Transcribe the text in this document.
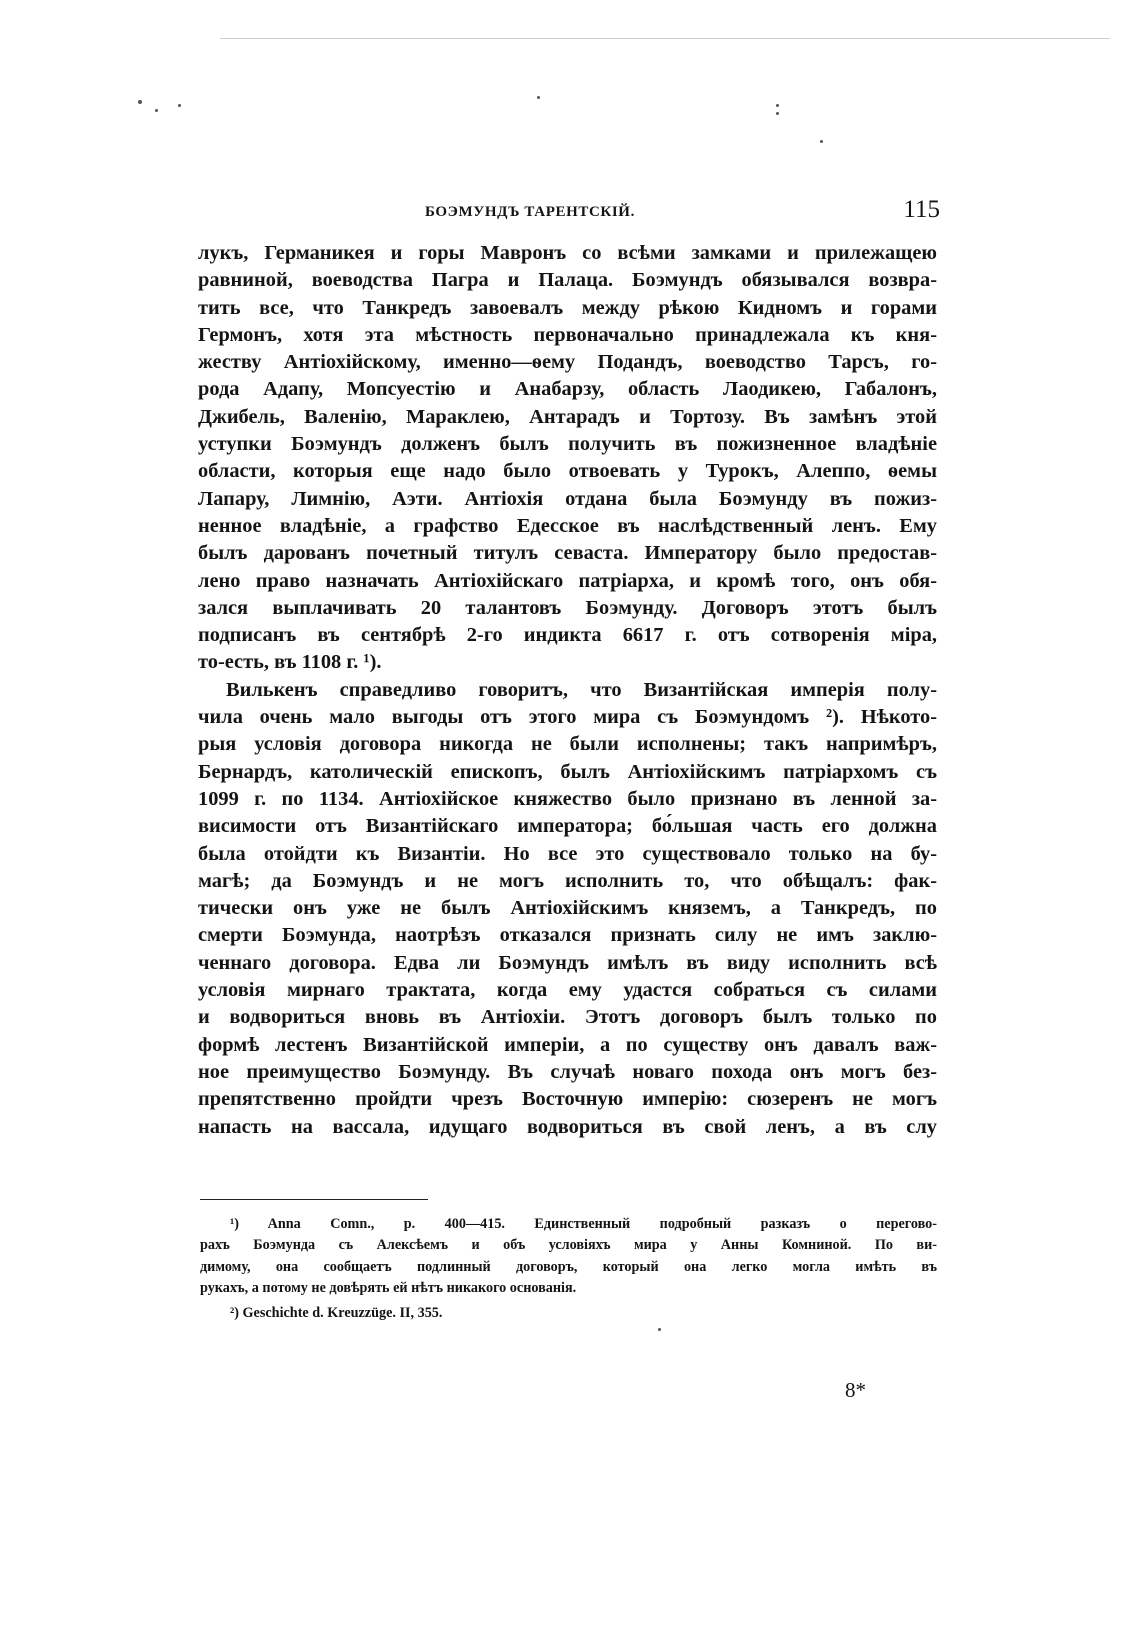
БОЭМУНДЪ ТАРЕНТСКІЙ.	115

лукъ, Германикея и горы Мавронъ со всѣми замками и прилежащею

равниной, воеводства Пагра и Палаца. Боэмундъ обязывался возвра-

тить все, что Танкредъ завоевалъ между рѣкою Кидномъ и горами

Гермонъ, хотя эта мѣстность первоначально принадлежала къ кня-

жеству Антіохійскому, именно—ѳему Подандъ, воеводство Тарсъ, го-

рода Адапу, Мопсуестію и Анабарзу, область Лаодикею, Габалонъ,

Джибель, Валенію, Мараклею, Антарадъ и Тортозу. Въ замѣнъ этой

уступки Боэмундъ долженъ былъ получить въ пожизненное владѣніе

области, которыя еще надо было отвоевать у Турокъ, Алеппо, ѳемы

Лапару, Лимнію, Аэти. Антіохія отдана была Боэмунду въ пожиз-

ненное владѣніе, а графство Едесское въ наслѣдственный ленъ. Ему

былъ дарованъ почетный титулъ севаста. Императору было предостав-

лено право назначать Антіохійскаго патріарха, и кромѣ того, онъ обя-

зался выплачивать 20 талантовъ Боэмунду. Договоръ этотъ былъ

подписанъ въ сентябрѣ 2-го индикта 6617 г. отъ сотворенія міра,

то-есть, въ 1108 г. ¹).

Вилькенъ справедливо говоритъ, что Византійская имперія полу-

чила очень мало выгоды отъ этого мира съ Боэмундомъ ²). Нѣкото-

рыя условія договора никогда не были исполнены; такъ напримѣръ,

Бернардъ, католическій епископъ, былъ Антіохійскимъ патріархомъ съ

1099 г. по 1134. Антіохійское княжество было признано въ ленной за-

висимости отъ Византійскаго императора; бо́льшая часть его должна

была отойдти къ Византіи. Но все это существовало только на бу-

магѣ; да Боэмундъ и не могъ исполнить то, что обѣщалъ: фак-

тически онъ уже не былъ Антіохійскимъ княземъ, а Танкредъ, по

смерти Боэмунда, наотрѣзъ отказался признать силу не имъ заклю-

ченнаго договора. Едва ли Боэмундъ имѣлъ въ виду исполнить всѣ

условія мирнаго трактата, когда ему удастся собраться съ силами

и водвориться вновь въ Антіохіи. Этотъ договоръ былъ только по

формѣ лестенъ Византійской имперіи, а по существу онъ давалъ важ-

ное преимущество Боэмунду. Въ случаѣ новаго похода онъ могъ без-

препятственно пройдти чрезъ Восточную имперію: сюзеренъ не могъ

напасть на вассала, идущаго водвориться въ свой ленъ, а въ слу

¹) Anna Comn., p. 400—415. Единственный подробный разказъ о перегово-

рахъ Боэмунда съ Алексѣемъ и объ условіяхъ мира у Анны Комниной. По ви-

димому, она сообщаетъ подлинный договоръ, который она легко могла имѣть въ

рукахъ, а потому не довѣрять ей нѣтъ никакого основанія.

²) Geschichte d. Kreuzzüge. II, 355.

8*
